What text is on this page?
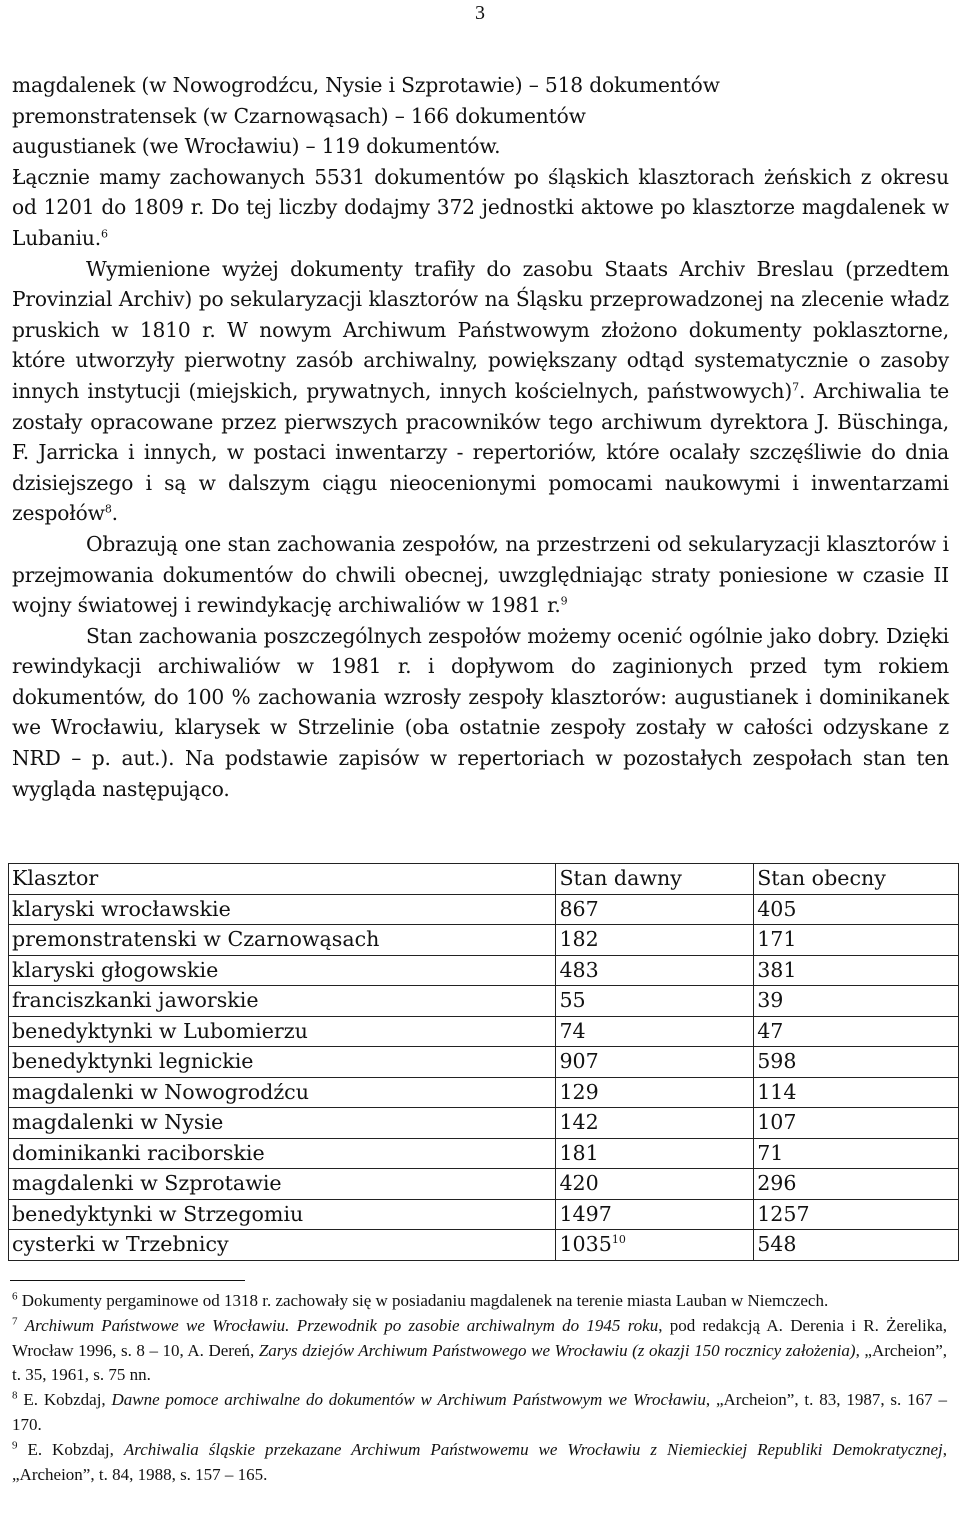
3

magdalenek (w Nowogrodźcu, Nysie i Szprotawie) – 518 dokumentów

premonstratensek (w Czarnowąsach) – 166 dokumentów

augustianek (we Wrocławiu) – 119 dokumentów.

Łącznie mamy zachowanych 5531 dokumentów po śląskich klasztorach żeńskich z okresu od 1201 do 1809 r. Do tej liczby dodajmy 372 jednostki aktowe po klasztorze magdalenek w Lubaniu.$^6$

Wymienione wyżej dokumenty trafiły do zasobu Staats Archiv Breslau (przedtem Provinzial Archiv) po sekularyzacji klasztorów na Śląsku przeprowadzonej na zlecenie władz pruskich w 1810 r. W nowym Archiwum Państwowym złożono dokumenty poklasztorne, które utworzyły pierwotny zasób archiwalny, powiększany odtąd systematycznie o zasoby innych instytucji (miejskich, prywatnych, innych kościelnych, państwowych)$^7$. Archiwalia te zostały opracowane przez pierwszych pracowników tego archiwum dyrektora J. Büschinga, F. Jarricka i innych, w postaci inwentarzy - repertoriów, które ocalały szczęśliwie do dnia dzisiejszego i są w dalszym ciągu nieocenionymi pomocami naukowymi i inwentarzami zespołów$^8$.

Obrazują one stan zachowania zespołów, na przestrzeni od sekularyzacji klasztorów i przejmowania dokumentów do chwili obecnej, uwzględniając straty poniesione w czasie II wojny światowej i rewindykację archiwaliów w 1981 r.$^9$

Stan zachowania poszczególnych zespołów możemy ocenić ogólnie jako dobry. Dzięki rewindykacji archiwaliów w 1981 r. i dopływom do zaginionych przed tym rokiem dokumentów, do 100 % zachowania wzrosły zespoły klasztorów: augustianek i dominikanek we Wrocławiu, klarysek w Strzelinie (oba ostatnie zespoły zostały w całości odzyskane z NRD – p. aut.). Na podstawie zapisów w repertoriach w pozostałych zespołach stan ten wygląda następująco.

Klasztor	Stan dawny	Stan obecny
klaryski wrocławskie	867	405
premonstratenski w Czarnowąsach	182	171
klaryski głogowskie	483	381
franciszkanki jaworskie	55	39
benedyktynki w Lubomierzu	74	47
benedyktynki legnickie	907	598
magdalenki w Nowogrodźcu	129	114
magdalenki w Nysie	142	107
dominikanki raciborskie	181	71
magdalenki w Szprotawie	420	296
benedyktynki w Strzegomiu	1497	1257
cysterki w Trzebnicy	1035$^{10}$	548

$^6$ Dokumenty pergaminowe od 1318 r. zachowały się w posiadaniu magdalenek na terenie miasta Lauban w Niemczech.

$^7$ Archiwum Państwowe we Wrocławiu. Przewodnik po zasobie archiwalnym do 1945 roku, pod redakcją A. Derenia i R. Żerelika, Wrocław 1996, s. 8 – 10, A. Dereń, Zarys dziejów Archiwum Państwowego we Wrocławiu (z okazji 150 rocznicy założenia), „Archeion”, t. 35, 1961, s. 75 nn.

$^8$ E. Kobzdaj, Dawne pomoce archiwalne do dokumentów w Archiwum Państwowym we Wrocławiu, „Archeion”, t. 83, 1987, s. 167 – 170.

$^9$ E. Kobzdaj, Archiwalia śląskie przekazane Archiwum Państwowemu we Wrocławiu z Niemieckiej Republiki Demokratycznej, „Archeion”, t. 84, 1988, s. 157 – 165.
